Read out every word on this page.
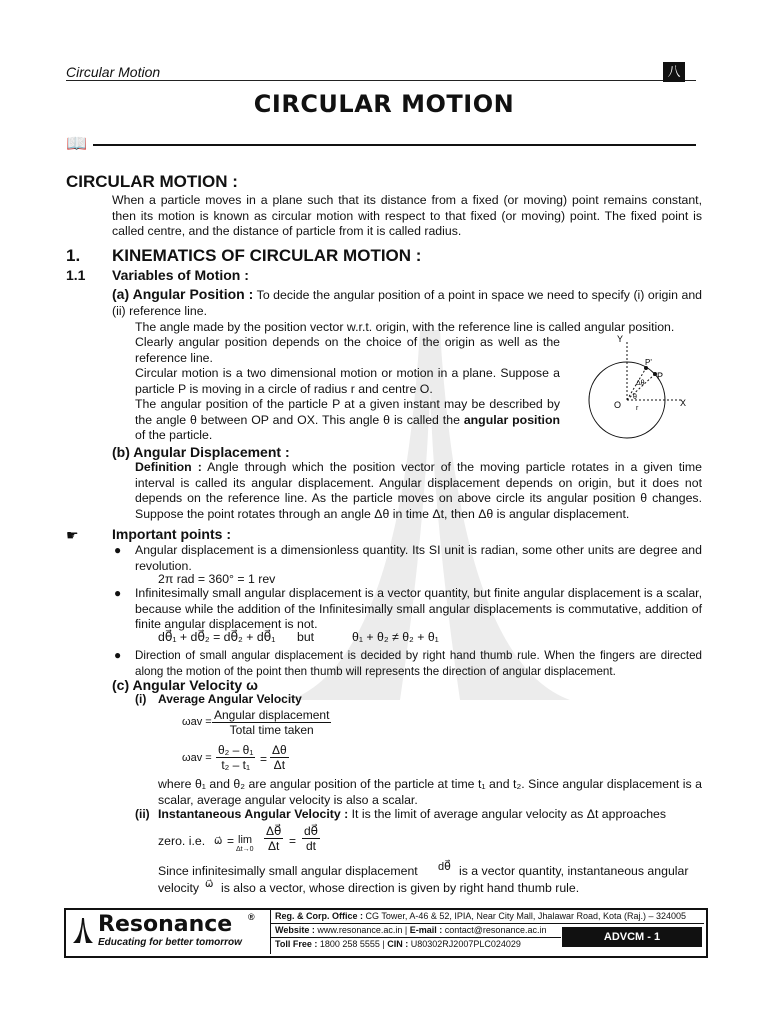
Circular Motion	八
CIRCULAR MOTION
📖
CIRCULAR MOTION :
When a particle moves in a plane such that its distance from a fixed (or moving) point remains constant, then its motion is known as circular motion with respect to that fixed (or moving) point. The fixed point is called centre, and the distance of particle from it is called radius.
1. KINEMATICS OF CIRCULAR MOTION :
1.1 Variables of Motion :
(a) Angular Position : To decide the angular position of a point in space we need to specify (i) origin and (ii) reference line.
The angle made by the position vector w.r.t. origin, with the reference line is called angular position.
Clearly angular position depends on the choice of the origin as well as the reference line.
Circular motion is a two dimensional motion or motion in a plane. Suppose a particle P is moving in a circle of radius r and centre O.
The angular position of the particle P at a given instant may be described by the angle θ between OP and OX. This angle θ is called the angular position of the particle.
Y
X
O
P
P'
Δθ
θ
r
(b) Angular Displacement :
Definition : Angle through which the position vector of the moving particle rotates in a given time interval is called its angular displacement. Angular displacement depends on origin, but it does not depends on the reference line. As the particle moves on above circle its angular position θ changes. Suppose the point rotates through an angle Δθ in time Δt, then Δθ is angular displacement.
☛ Important points :
● Angular displacement is a dimensionless quantity. Its SI unit is radian, some other units are degree and revolution.
2π rad = 360° = 1 rev
● Infinitesimally small angular displacement is a vector quantity, but finite angular displacement is a scalar, because while the addition of the Infinitesimally small angular displacements is commutative, addition of finite angular displacement is not.
dθ⃗₁ + dθ⃗₂ = dθ⃗₂ + dθ⃗₁ but	θ₁ + θ₂ ≠ θ₂ + θ₁
● Direction of small angular displacement is decided by right hand thumb rule. When the fingers are directed along the motion of the point then thumb will represents the direction of angular displacement.
(c) Angular Velocity ω
(i) Average Angular Velocity
ωav = Angular displacement
Total time taken
$\omega av = \frac{\text{θ₂ – θ₁}}{\text{t₂ – t₁}} = \frac{\Delta\theta}{\Delta t}$
where θ₁ and θ₂ are angular position of the particle at time t₁ and t₂. Since angular displacement is a scalar, average angular velocity is also a scalar.
(ii) Instantaneous Angular Velocity : It is the limit of average angular velocity as Δt approaches
zero. i.e. ω⃗ = lim
$\Delta t\to 0 \frac{\Delta\theta⃗}{\Delta t} = \frac{d\theta⃗}{dt}$
Since infinitesimally small angular displacement dθ⃗ is a vector quantity, instantaneous angular
velocity ω⃗ is also a vector, whose direction is given by right hand thumb rule.
Resonance ®
Educating for better tomorrow
Reg. & Corp. Office : CG Tower, A-46 & 52, IPIA, Near City Mall, Jhalawar Road, Kota (Raj.) – 324005
Website : www.resonance.ac.in | E-mail : contact@resonance.ac.in
Toll Free : 1800 258 5555 | CIN : U80302RJ2007PLC024029
ADVCM - 1
